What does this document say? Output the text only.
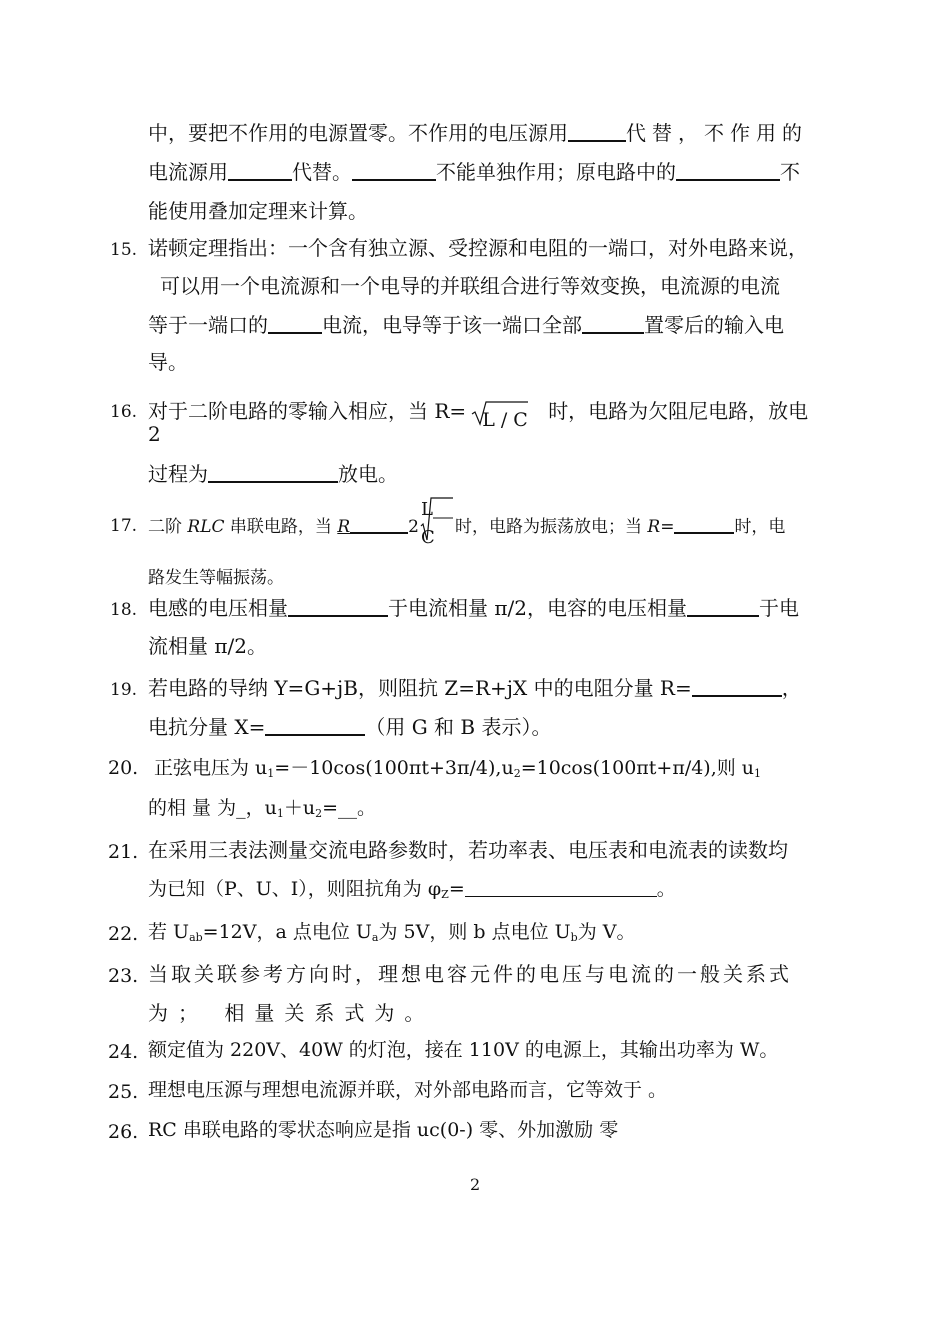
中，要把不作用的电源置零。不作用的电压源用	代替，不作用的
电流源用	代替。	不能单独作用；原电路中的	不
能使用叠加定理来计算。
15. 诺顿定理指出：一个含有独立源、受控源和电阻的一端口，对外电路来说，
可以用一个电流源和一个电导的并联组合进行等效变换，电流源的电流
等于一端口的	电流，电导等于该一端口全部	置零后的输入电
导。
16. 对于二阶电路的零输入相应，当 R= L / C 时，电路为欠阻尼电路，放电
2
过程为	放电。
17. 二阶 RLC 串联电路，当 R	2
L
C 时，电路为振荡放电；当 R=	时，电
路发生等幅振荡。
18. 电感的电压相量	于电流相量 π/2，电容的电压相量	于电
流相量 π/2。
19. 若电路的导纳 Y=G+jB，则阻抗 Z=R+jX 中的电阻分量 R=	，
电抗分量 X=	（用 G 和 B 表示）。
20. 正弦电压为 $u_1=-10\cos(100\pi t+3\pi/4),u_2=10\cos(100\pi t+\pi/4)$,则 $u_1$
的相 量 为_，$u_1+u_2=\_\_$。
21. 在采用三表法测量交流电路参数时，若功率表、电压表和电流表的读数均
为已知（P、U、I），则阻抗角为 $\varphi_Z=$	。
22. 若 $U_{ab}=12V$，a 点电位 $U_a$为 5V，则 b 点电位 $U_b$为 V。
23. 当取关联参考方向时，理想电容元件的电压与电流的一般关系式
为； 相量关系式为。
24. 额定值为 220V、40W 的灯泡，接在 110V 的电源上，其输出功率为 W。
25. 理想电压源与理想电流源并联，对外部电路而言，它等效于 。
26. RC 串联电路的零状态响应是指 uc(0-) 零、外加激励 零
2
